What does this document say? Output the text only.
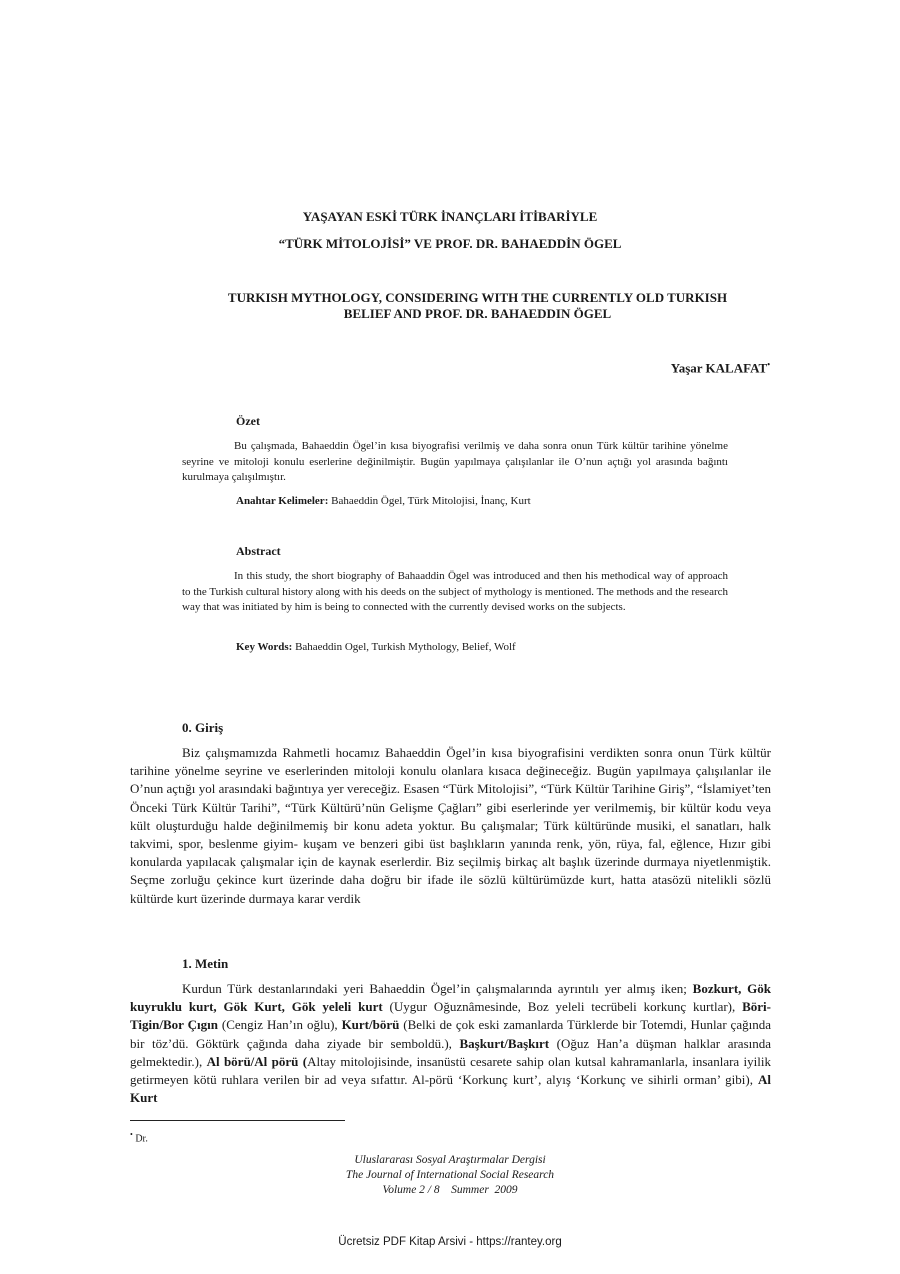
YAŞAYAN ESKİ TÜRK İNANÇLARI İTİBARİYLE
“TÜRK MİTOLOJİSİ” VE PROF. DR. BAHAEDDİN ÖGEL
TURKISH MYTHOLOGY, CONSIDERING WITH THE CURRENTLY OLD TURKISH
BELIEF AND PROF. DR. BAHAEDDIN ÖGEL
Yaşar KALAFAT•
Özet
Bu çalışmada, Bahaeddin Ögel’in kısa biyografisi verilmiş ve daha sonra onun Türk kültür tarihine yönelme seyrine ve mitoloji konulu eserlerine değinilmiştir. Bugün yapılmaya çalışılanlar ile O’nun açtığı yol arasında bağıntı kurulmaya çalışılmıştır.
Anahtar Kelimeler: Bahaeddin Ögel, Türk Mitolojisi, İnanç, Kurt
Abstract
In this study, the short biography of Bahaaddin Ögel was introduced and then his methodical way of approach to the Turkish cultural history along with his deeds on the subject of mythology is mentioned. The methods and the research way that was initiated by him is being to connected with the currently devised works on the subjects.
Key Words: Bahaeddin Ogel, Turkish Mythology, Belief, Wolf
0. Giriş
Biz çalışmamızda Rahmetli hocamız Bahaeddin Ögel’in kısa biyografisini verdikten sonra onun Türk kültür tarihine yönelme seyrine ve eserlerinden mitoloji konulu olanlara kısaca değineceğiz. Bugün yapılmaya çalışılanlar ile O’nun açtığı yol arasındaki bağıntıya yer vereceğiz. Esasen “Türk Mitolojisi”, “Türk Kültür Tarihine Giriş”, “İslamiyet’ten Önceki Türk Kültür Tarihi”, “Türk Kültürü’nün Gelişme Çağları” gibi eserlerinde yer verilmemiş, bir kültür kodu veya kült oluşturduğu halde değinilmemiş bir konu adeta yoktur. Bu çalışmalar; Türk kültüründe musiki, el sanatları, halk takvimi, spor, beslenme giyim- kuşam ve benzeri gibi üst başlıkların yanında renk, yön, rüya, fal, eğlence, Hızır gibi konularda yapılacak çalışmalar için de kaynak eserlerdir. Biz seçilmiş birkaç alt başlık üzerinde durmaya niyetlenmiştik. Seçme zorluğu çekince kurt üzerinde daha doğru bir ifade ile sözlü kültürümüzde kurt, hatta atasözü nitelikli sözlü kültürde kurt üzerinde durmaya karar verdik
1. Metin
Kurdun Türk destanlarındaki yeri Bahaeddin Ögel’in çalışmalarında ayrıntılı yer almış iken; Bozkurt, Gök kuyruklu kurt, Gök Kurt, Gök yeleli kurt (Uygur Oğuznâmesinde, Boz yeleli tecrübeli korkunç kurtlar), Böri-Tigin/Bor Çıgın (Cengiz Han’ın oğlu), Kurt/börü (Belki de çok eski zamanlarda Türklerde bir Totemdi, Hunlar çağında bir töz’dü. Göktürk çağında daha ziyade bir semboldü.), Başkurt/Başkırt (Oğuz Han’a düşman halklar arasında gelmektedir.), Al börü/Al pörü (Altay mitolojisinde, insanüstü cesarete sahip olan kutsal kahramanlarla, insanlara iyilik getirmeyen kötü ruhlara verilen bir ad veya sıfattır. Al-pörü ‘Korkunç kurt’, alyış ‘Korkunç ve sihirli orman’ gibi), Al Kurt
• Dr.
Uluslararası Sosyal Araştırmalar Dergisi
The Journal of International Social Research
Volume 2 / 8    Summer  2009
Ücretsiz PDF Kitap Arsivi - https://rantey.org
